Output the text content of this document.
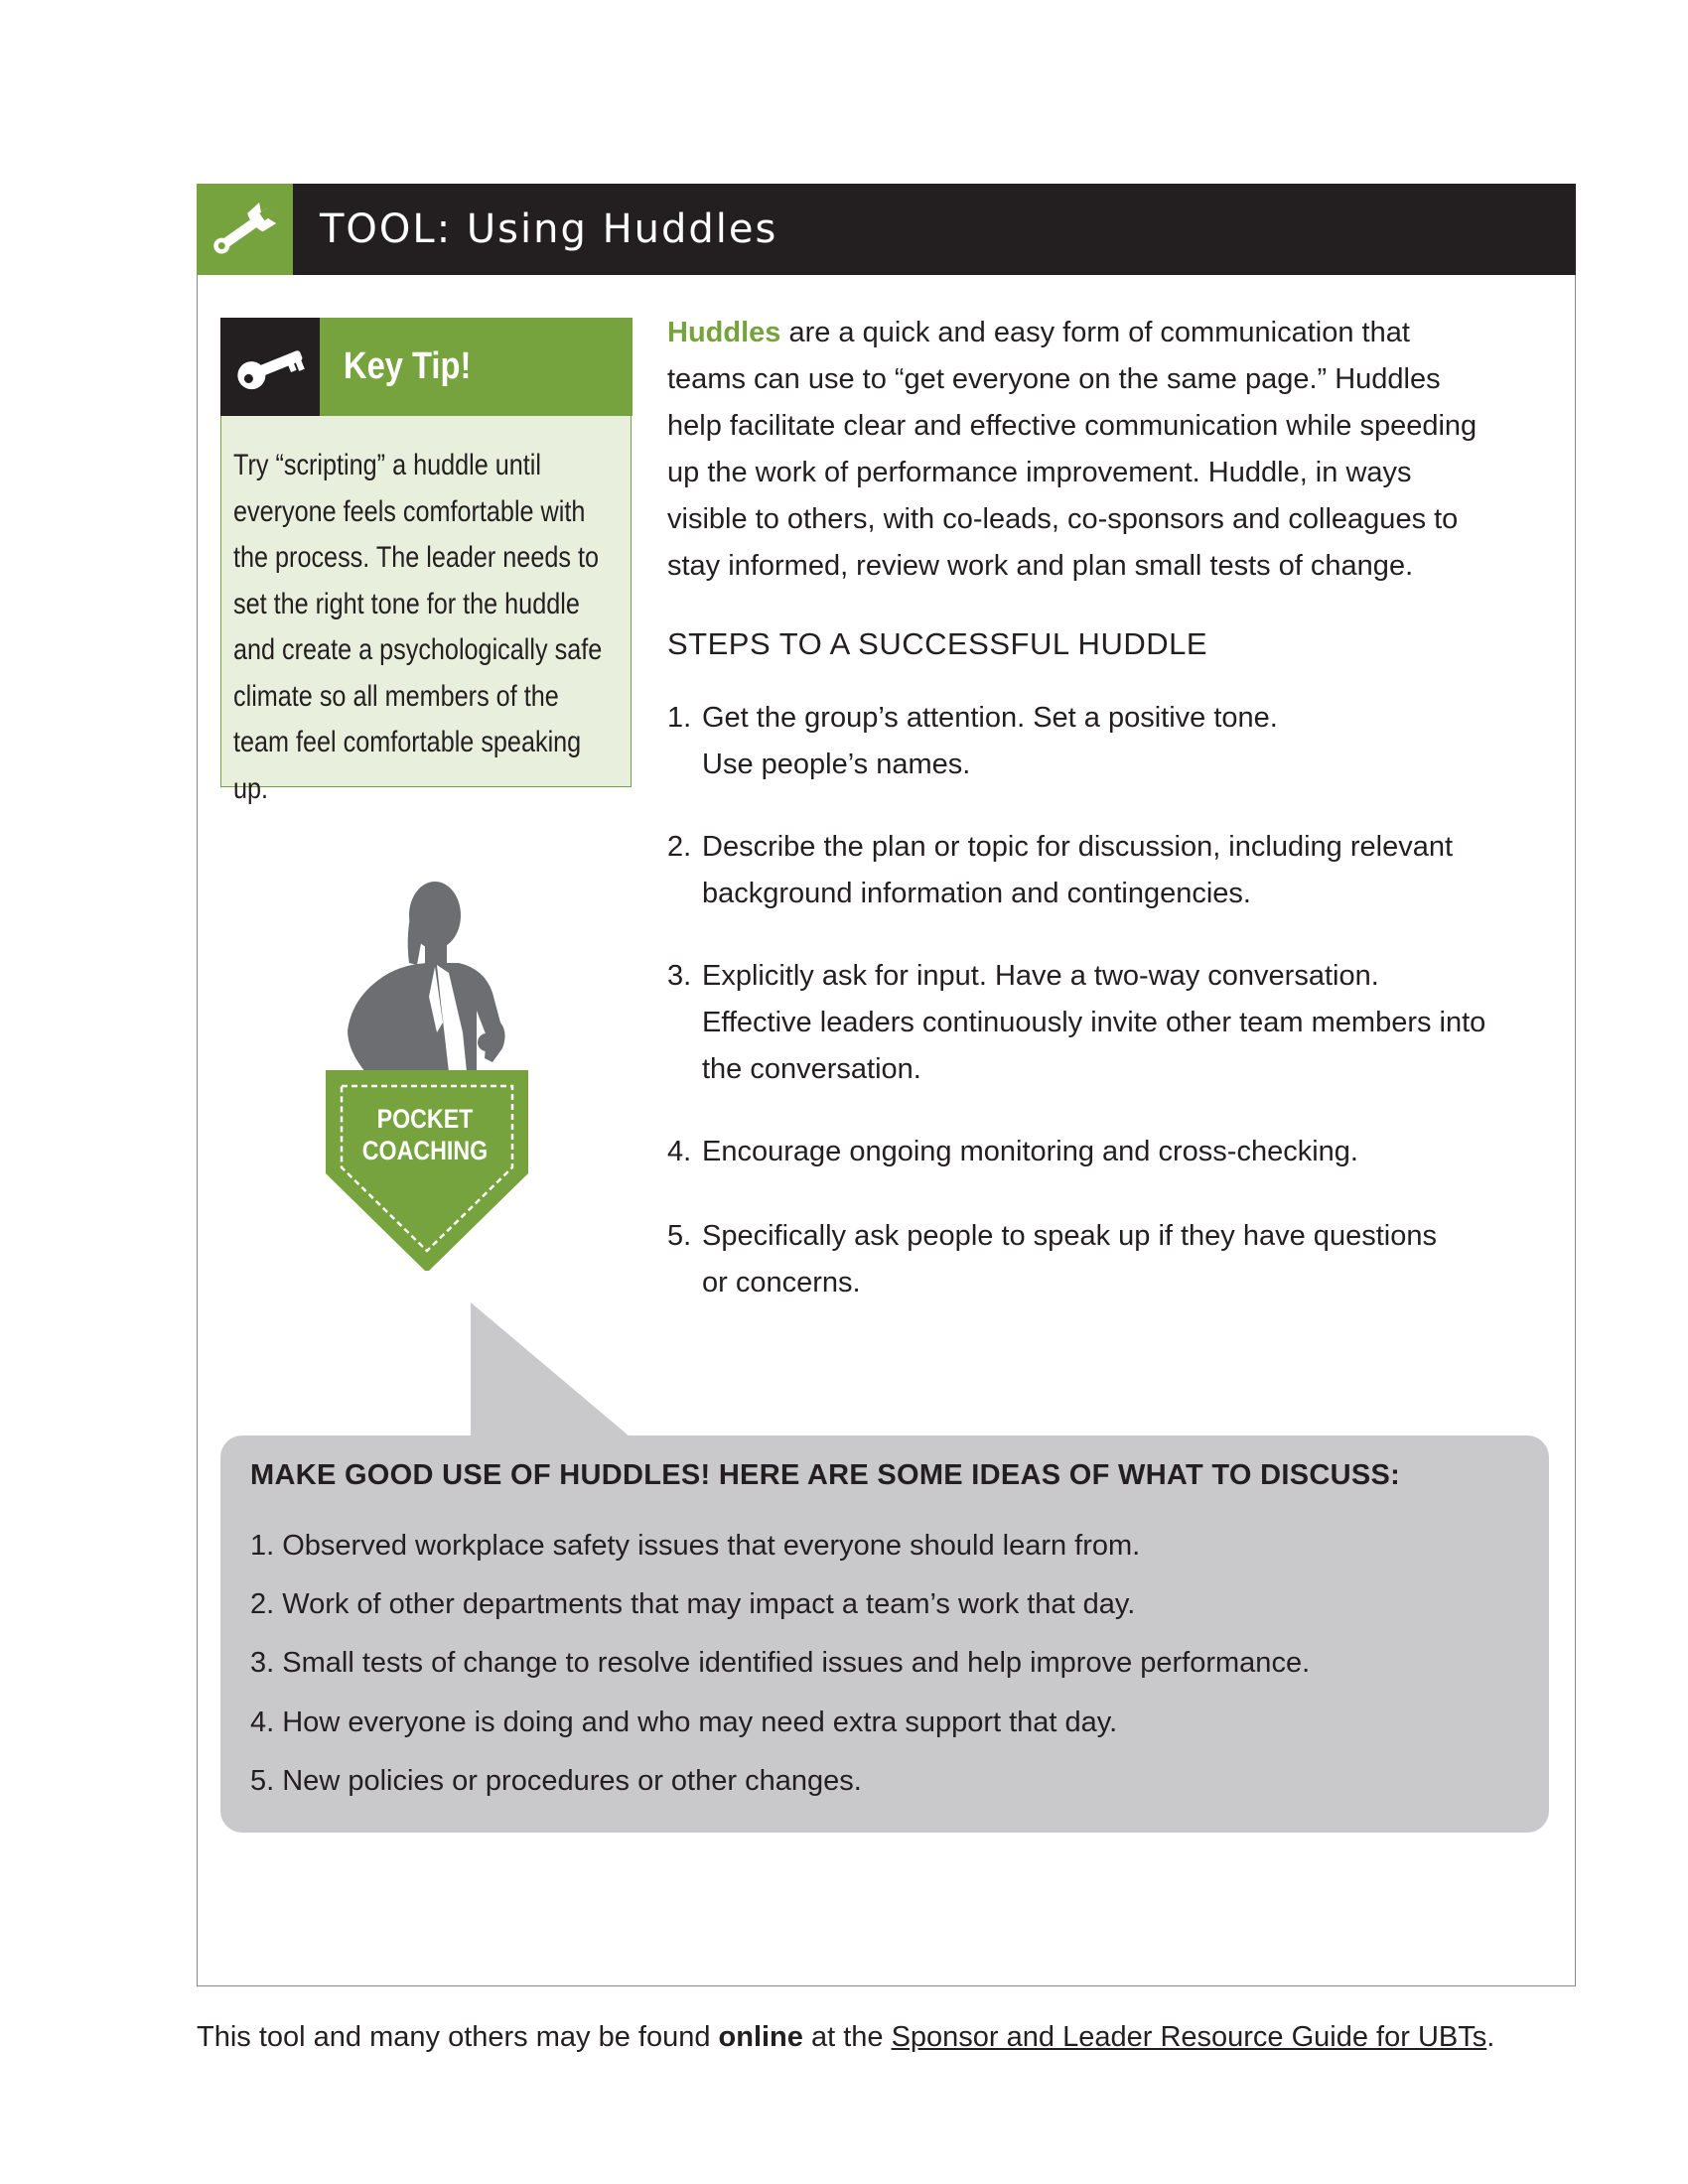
TOOL: Using Huddles
Key Tip!
Try “scripting” a huddle until
everyone feels comfortable with
the process. The leader needs to
set the right tone for the huddle
and create a psychologically safe
climate so all members of the
team feel comfortable speaking up.
POCKET
COACHING
Huddles are a quick and easy form of communication that
teams can use to “get everyone on the same page.” Huddles
help facilitate clear and effective communication while speeding
up the work of performance improvement. Huddle, in ways
visible to others, with co-leads, co-sponsors and colleagues to
stay informed, review work and plan small tests of change.
STEPS TO A SUCCESSFUL HUDDLE
1. Get the group’s attention. Set a positive tone.
Use people’s names.
2. Describe the plan or topic for discussion, including relevant
background information and contingencies.
3. Explicitly ask for input. Have a two-way conversation.
Effective leaders continuously invite other team members into
the conversation.
4. Encourage ongoing monitoring and cross-checking.
5. Specifically ask people to speak up if they have questions
or concerns.
MAKE GOOD USE OF HUDDLES! HERE ARE SOME IDEAS OF WHAT TO DISCUSS:
1. Observed workplace safety issues that everyone should learn from.
2. Work of other departments that may impact a team’s work that day.
3. Small tests of change to resolve identified issues and help improve performance.
4. How everyone is doing and who may need extra support that day.
5. New policies or procedures or other changes.
This tool and many others may be found online at the Sponsor and Leader Resource Guide for UBTs.
